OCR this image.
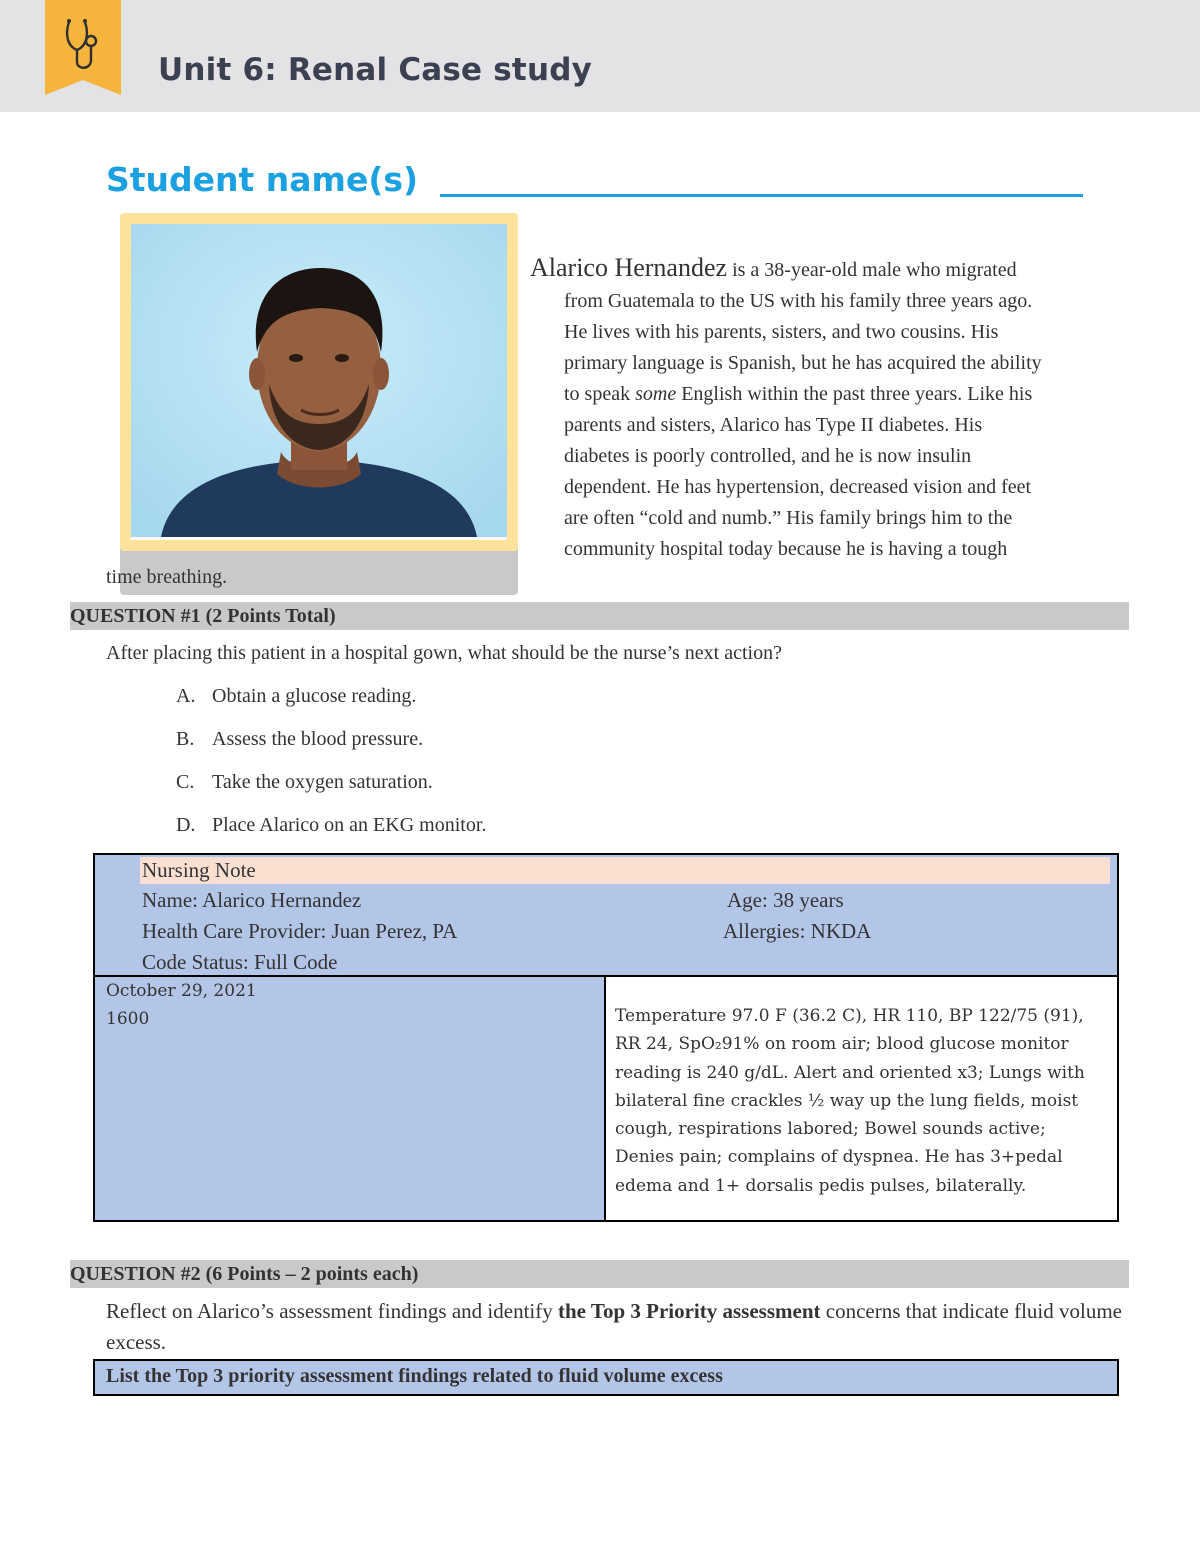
Unit 6: Renal Case study
Student name(s)
Alarico Hernandez is a 38-year-old male who migrated
from Guatemala to the US with his family three years ago.
He lives with his parents, sisters, and two cousins. His
primary language is Spanish, but he has acquired the ability
to speak some English within the past three years. Like his
parents and sisters, Alarico has Type II diabetes. His
diabetes is poorly controlled, and he is now insulin
dependent. He has hypertension, decreased vision and feet
are often “cold and numb.” His family brings him to the
community hospital today because he is having a tough
time breathing.
QUESTION #1 (2 Points Total)
After placing this patient in a hospital gown, what should be the nurse’s next action?
A. Obtain a glucose reading.
B. Assess the blood pressure.
C. Take the oxygen saturation.
D. Place Alarico on an EKG monitor.
Nursing Note
Name: Alarico Hernandez	Age: 38 years
Health Care Provider: Juan Perez, PA	Allergies: NKDA
Code Status: Full Code
October 29, 2021
1600	Temperature 97.0 F (36.2 C), HR 110, BP 122/75 (91),
RR 24, SpO₂91% on room air; blood glucose monitor
reading is 240 g/dL. Alert and oriented x3; Lungs with
bilateral fine crackles ½ way up the lung fields, moist
cough, respirations labored; Bowel sounds active;
Denies pain; complains of dyspnea. He has 3+pedal
edema and 1+ dorsalis pedis pulses, bilaterally.
QUESTION #2 (6 Points – 2 points each)
Reflect on Alarico’s assessment findings and identify the Top 3 Priority assessment concerns that indicate fluid volume excess.
List the Top 3 priority assessment findings related to fluid volume excess
